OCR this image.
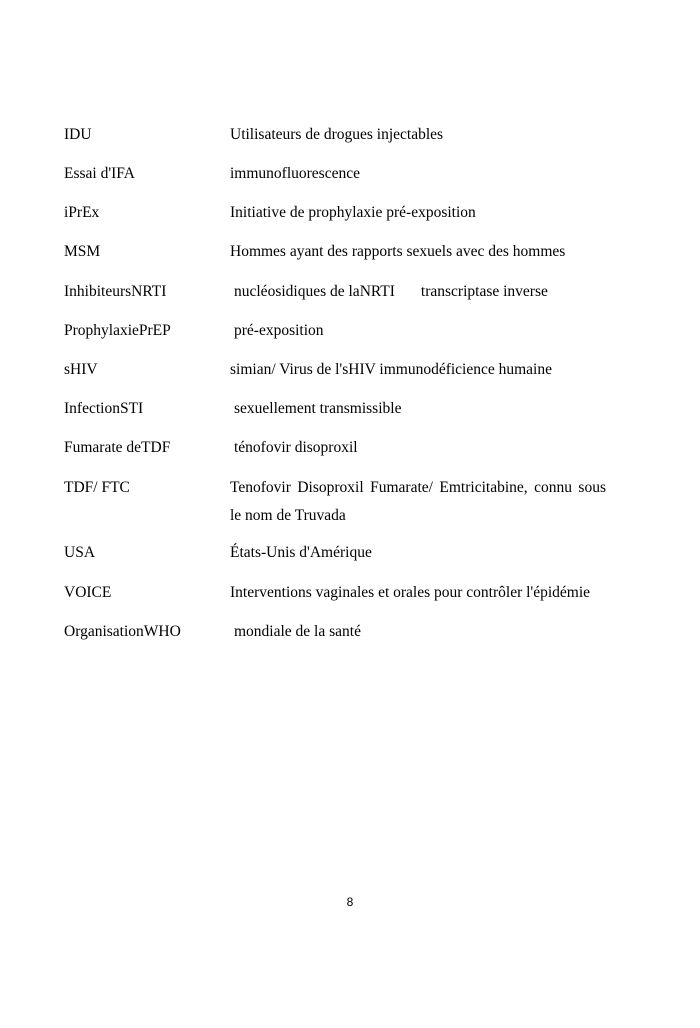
IDU	Utilisateurs de drogues injectables
Essai d'IFA	immunofluorescence
iPrEx	Initiative de prophylaxie pré-exposition
MSM	Hommes ayant des rapports sexuels avec des hommes
InhibiteursNRTI	nucléosidiques de laNRTI transcriptase inverse
ProphylaxiePrEP	pré-exposition
sHIV	simian/ Virus de l'sHIV immunodéficience humaine
InfectionSTI	sexuellement transmissible
Fumarate deTDF	ténofovir disoproxil
TDF/ FTC	Tenofovir Disoproxil Fumarate/ Emtricitabine, connu sous le nom de Truvada
USA	États-Unis d'Amérique
VOICE	Interventions vaginales et orales pour contrôler l'épidémie
OrganisationWHO	mondiale de la santé
8
